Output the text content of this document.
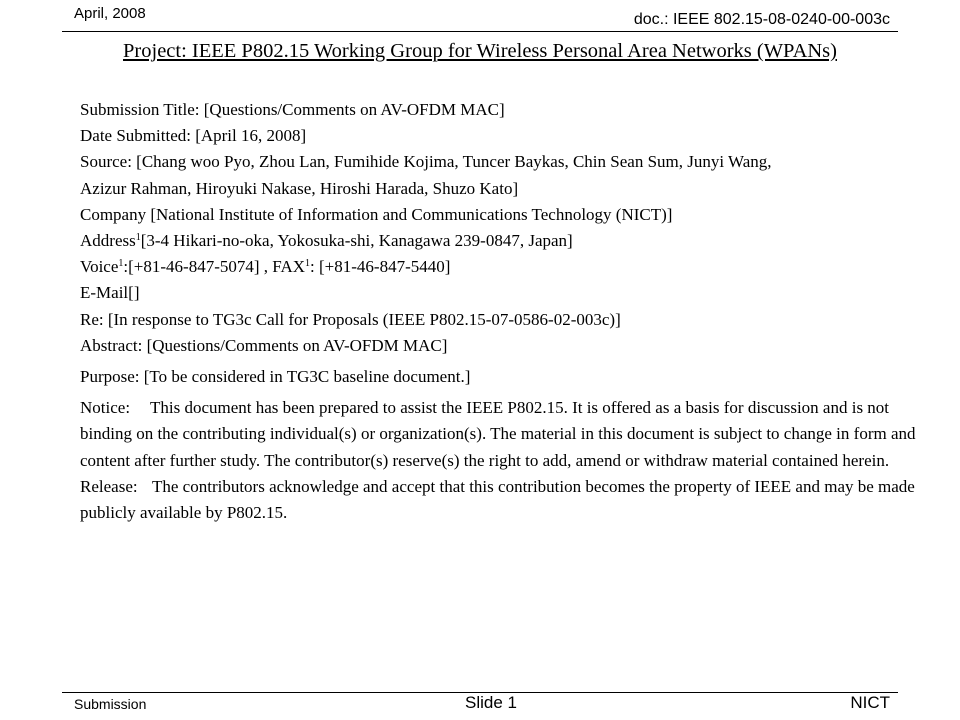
April, 2008	doc.: IEEE 802.15-08-0240-00-003c
Project: IEEE P802.15 Working Group for Wireless Personal Area Networks (WPANs)
Submission Title: [Questions/Comments on AV-OFDM MAC]
Date Submitted: [April 16, 2008]
Source: [Chang woo Pyo, Zhou Lan, Fumihide Kojima, Tuncer Baykas, Chin Sean Sum, Junyi Wang,
Azizur Rahman, Hiroyuki Nakase, Hiroshi Harada, Shuzo Kato]
Company [National Institute of Information and Communications Technology (NICT)]
Address$^1$[3-4 Hikari-no-oka, Yokosuka-shi, Kanagawa 239-0847, Japan]
Voice$^1$:[+81-46-847-5074] , FAX$^1$: [+81-46-847-5440]
E-Mail[]
Re: [In response to TG3c Call for Proposals (IEEE P802.15-07-0586-02-003c)]
Abstract: [Questions/Comments on AV-OFDM MAC]
Purpose: [To be considered in TG3C baseline document.]
Notice: This document has been prepared to assist the IEEE P802.15. It is offered as a basis for discussion and is not binding on the contributing individual(s) or organization(s). The material in this document is subject to change in form and content after further study. The contributor(s) reserve(s) the right to add, amend or withdraw material contained herein.
Release: The contributors acknowledge and accept that this contribution becomes the property of IEEE and may be made publicly available by P802.15.
Submission	Slide 1	NICT
